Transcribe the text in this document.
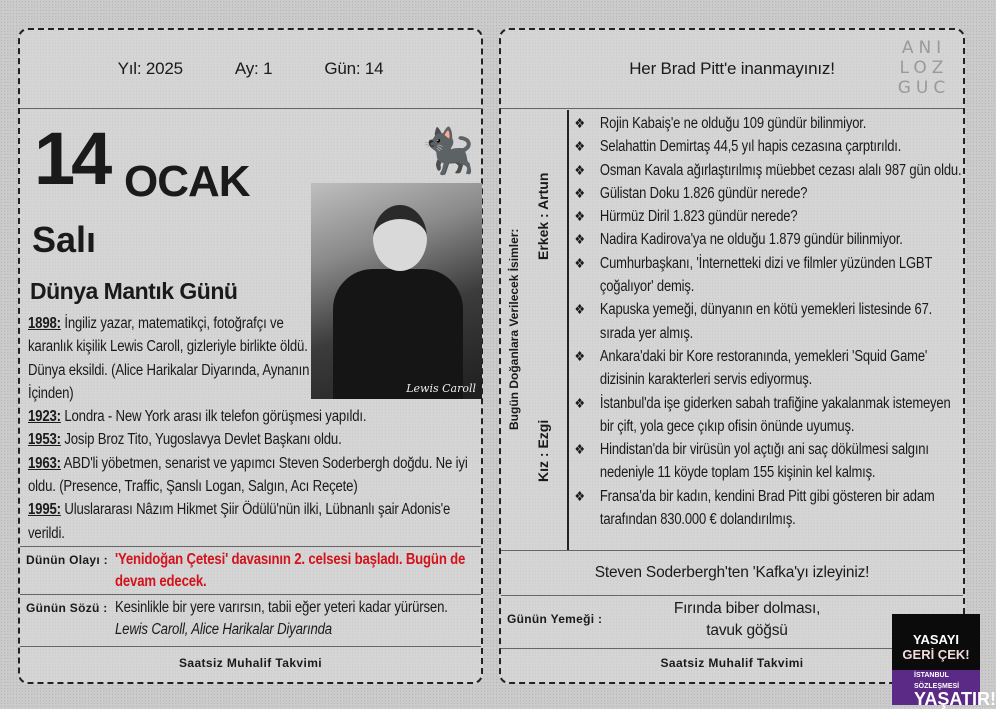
Yıl: 2025	Ay: 1	Gün: 14
14 OCAK
Salı
Dünya Mantık Günü
Lewis Caroll
🐈‍⬛
1898: İngiliz yazar, matematikçi, fotoğrafçı ve karanlık kişilik Lewis Caroll, gizleriyle birlikte öldü. Dünya eksildi. (Alice Harikalar Diyarında, Aynanın İçinden)
1923: Londra - New York arası ilk telefon görüşmesi yapıldı.
1953: Josip Broz Tito, Yugoslavya Devlet Başkanı oldu.
1963: ABD'li yöbetmen, senarist ve yapımcı Steven Soderbergh doğdu. Ne iyi oldu. (Presence, Traffic, Şanslı Logan, Salgın, Acı Reçete)
1995: Uluslararası Nâzım Hikmet Şiir Ödülü'nün ilki, Lübnanlı şair Adonis'e verildi.
Dünün Olayı : 'Yenidoğan Çetesi' davasının 2. celsesi başladı. Bugün de devam edecek.
Günün Sözü : Kesinlikle bir yere varırsın, tabii eğer yeteri kadar yürürsen. Lewis Caroll, Alice Harikalar Diyarında
Saatsiz Muhalif Takvimi
Her Brad Pitt'e inanmayınız!
ANI
LOZ
GUC
Bugün Doğanlara Verilecek İsimler:
Erkek : Artun
Kız : Ezgi
❖ Rojin Kabaiş'e ne olduğu 109 gündür bilinmiyor.
❖ Selahattin Demirtaş 44,5 yıl hapis cezasına çarptırıldı.
❖ Osman Kavala ağırlaştırılmış müebbet cezası alalı 987 gün oldu.
❖ Gülistan Doku 1.826 gündür nerede?
❖ Hürmüz Diril 1.823 gündür nerede?
❖ Nadira Kadirova'ya ne olduğu 1.879 gündür bilinmiyor.
❖ Cumhurbaşkanı, 'İnternetteki dizi ve filmler yüzünden LGBT çoğalıyor' demiş.
❖ Kapuska yemeği, dünyanın en kötü yemekleri listesinde 67. sırada yer almış.
❖ Ankara'daki bir Kore restoranında, yemekleri 'Squid Game' dizisinin karakterleri servis ediyormuş.
❖ İstanbul'da işe giderken sabah trafiğine yakalanmak istemeyen bir çift, yola gece çıkıp ofisin önünde uyumuş.
❖ Hindistan'da bir virüsün yol açtığı ani saç dökülmesi salgını nedeniyle 11 köyde toplam 155 kişinin kel kalmış.
❖ Fransa'da bir kadın, kendini Brad Pitt gibi gösteren bir adam tarafından 830.000 € dolandırılmış.
Steven Soderbergh'ten 'Kafka'yı izleyiniz!
Günün Yemeği :
Fırında biber dolması,
tavuk göğsü
Saatsiz Muhalif Takvimi
YASAYI
GERİ ÇEK!
İSTANBUL SÖZLEŞMESİ
YAŞATIR!
